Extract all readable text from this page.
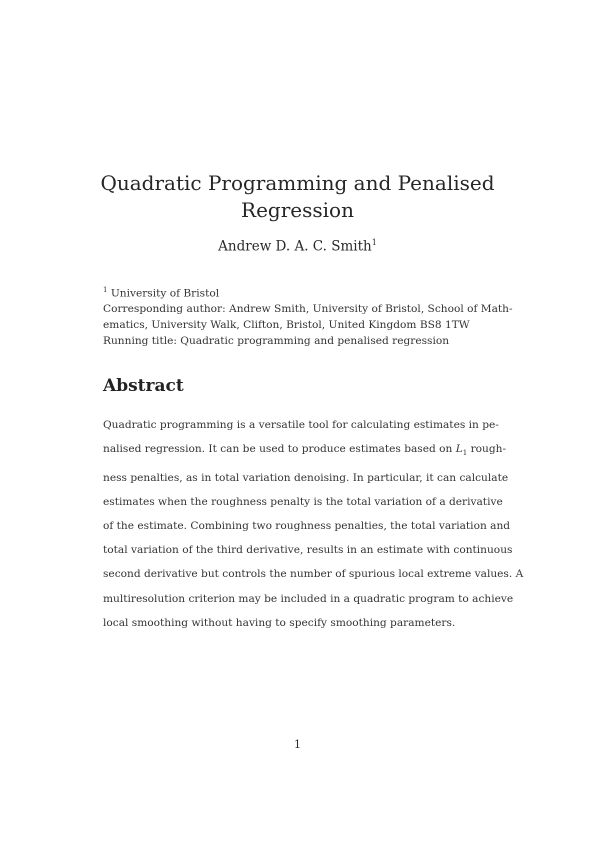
Quadratic Programming and Penalised
Regression
Andrew D. A. C. Smith$^1$
$^1$ University of Bristol
Corresponding author: Andrew Smith, University of Bristol, School of Math-
ematics, University Walk, Clifton, Bristol, United Kingdom BS8 1TW
Running title: Quadratic programming and penalised regression
Abstract
Quadratic programming is a versatile tool for calculating estimates in pe-
nalised regression. It can be used to produce estimates based on $L_1$ rough-
ness penalties, as in total variation denoising. In particular, it can calculate
estimates when the roughness penalty is the total variation of a derivative
of the estimate. Combining two roughness penalties, the total variation and
total variation of the third derivative, results in an estimate with continuous
second derivative but controls the number of spurious local extreme values. A
multiresolution criterion may be included in a quadratic program to achieve
local smoothing without having to specify smoothing parameters.
1
